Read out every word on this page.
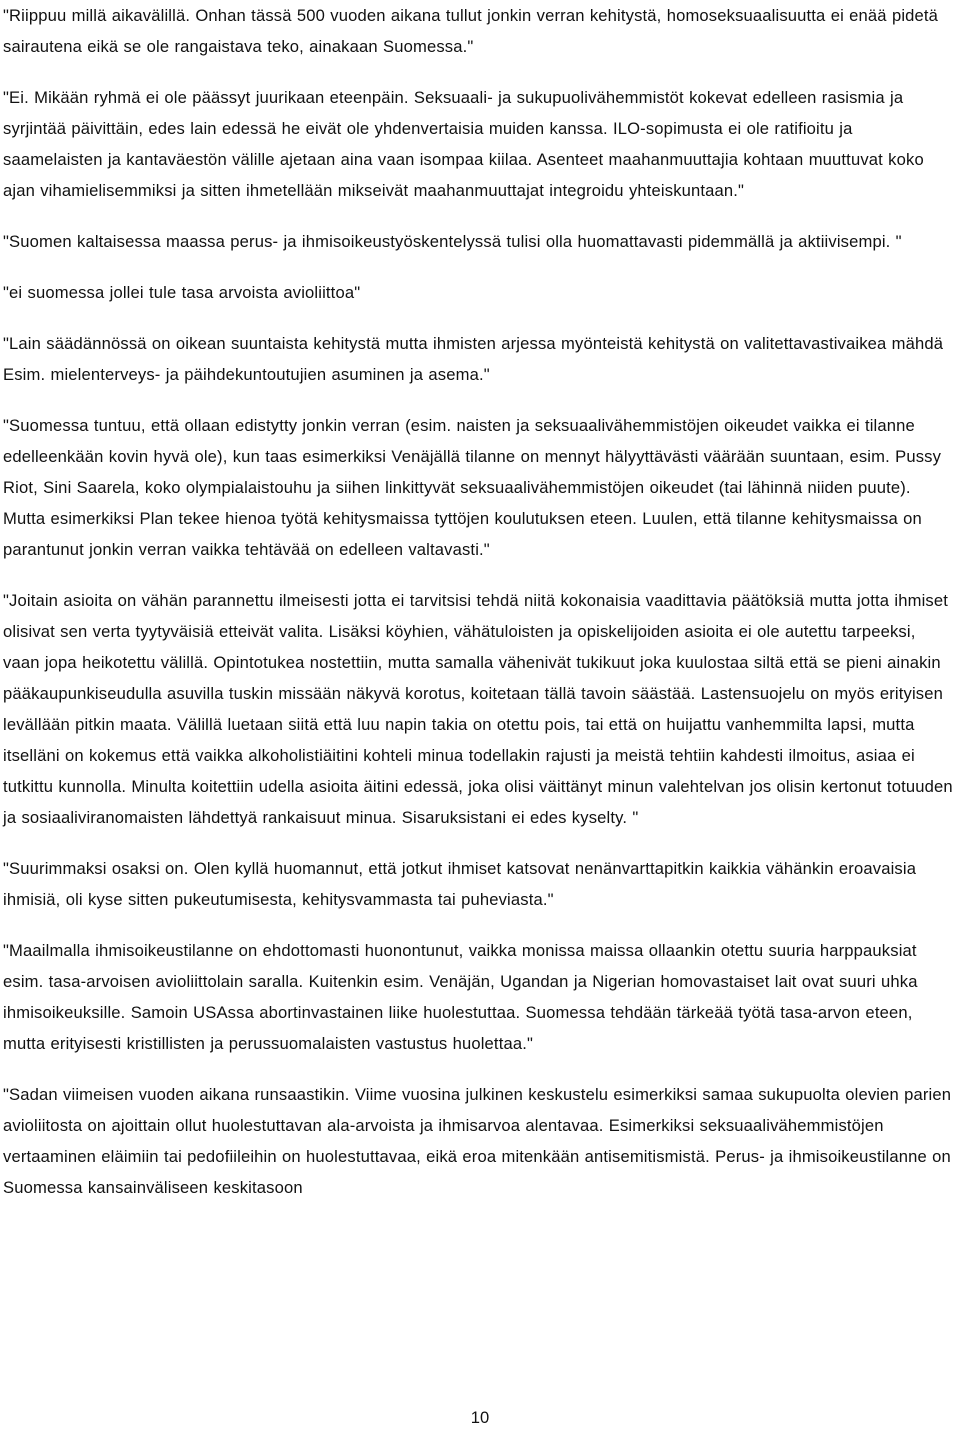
"Riippuu millä aikavälillä. Onhan tässä 500 vuoden aikana tullut jonkin verran kehitystä, homoseksuaalisuutta ei enää pidetä sairautena eikä se ole rangaistava teko, ainakaan Suomessa."

"Ei. Mikään ryhmä ei ole päässyt juurikaan eteenpäin. Seksuaali- ja sukupuolivähemmistöt kokevat edelleen rasismia ja syrjintää päivittäin, edes lain edessä he eivät ole yhdenvertaisia muiden kanssa. ILO-sopimusta ei ole ratifioitu ja saamelaisten ja kantaväestön välille ajetaan aina vaan isompaa kiilaa. Asenteet maahanmuuttajia kohtaan muuttuvat koko ajan vihamielisemmiksi ja sitten ihmetellään mikseivät maahanmuuttajat integroidu yhteiskuntaan."

"Suomen kaltaisessa maassa perus- ja ihmisoikeustyöskentelyssä tulisi olla huomattavasti pidemmällä ja aktiivisempi. "

"ei suomessa jollei tule tasa arvoista avioliittoa"

"Lain säädännössä on oikean suuntaista kehitystä mutta ihmisten arjessa myönteistä kehitystä on valitettavastivaikea mähdä Esim. mielenterveys- ja päihdekuntoutujien asuminen ja asema."

"Suomessa tuntuu, että ollaan edistytty jonkin verran (esim. naisten ja seksuaalivähemmistöjen oikeudet vaikka ei tilanne edelleenkään kovin hyvä ole), kun taas esimerkiksi Venäjällä tilanne on mennyt hälyyttävästi väärään suuntaan, esim. Pussy Riot, Sini Saarela, koko olympialaistouhu ja siihen linkittyvät seksuaalivähemmistöjen oikeudet (tai lähinnä niiden puute). Mutta esimerkiksi Plan tekee hienoa työtä kehitysmaissa tyttöjen koulutuksen eteen. Luulen, että tilanne kehitysmaissa on parantunut jonkin verran vaikka tehtävää on edelleen valtavasti."

"Joitain asioita on vähän parannettu ilmeisesti jotta ei tarvitsisi tehdä niitä kokonaisia vaadittavia päätöksiä mutta jotta ihmiset olisivat sen verta tyytyväisiä etteivät valita. Lisäksi köyhien, vähätuloisten ja opiskelijoiden asioita ei ole autettu tarpeeksi, vaan jopa heikotettu välillä. Opintotukea nostettiin, mutta samalla vähenivät tukikuut joka kuulostaa siltä että se pieni ainakin pääkaupunkiseudulla asuvilla tuskin missään näkyvä korotus, koitetaan tällä tavoin säästää. Lastensuojelu on myös erityisen levällään pitkin maata. Välillä luetaan siitä että luu napin takia on otettu pois, tai että on huijattu vanhemmilta lapsi, mutta itselläni on kokemus että vaikka alkoholistiäitini kohteli minua todellakin rajusti ja meistä tehtiin kahdesti ilmoitus, asiaa ei tutkittu kunnolla. Minulta koitettiin udella asioita äitini edessä, joka olisi väittänyt minun valehtelvan jos olisin kertonut totuuden ja sosiaaliviranomaisten lähdettyä rankaisuut minua. Sisaruksistani ei edes kyselty. "

"Suurimmaksi osaksi on. Olen kyllä huomannut, että jotkut ihmiset katsovat nenänvarttapitkin kaikkia vähänkin eroavaisia ihmisiä, oli kyse sitten pukeutumisesta, kehitysvammasta tai puheviasta."

"Maailmalla ihmisoikeustilanne on ehdottomasti huonontunut, vaikka monissa maissa ollaankin otettu suuria harppauksiat esim. tasa-arvoisen avioliittolain saralla. Kuitenkin esim. Venäjän, Ugandan ja Nigerian homovastaiset lait ovat suuri uhka ihmisoikeuksille. Samoin USAssa abortinvastainen liike huolestuttaa. Suomessa tehdään tärkeää työtä tasa-arvon eteen, mutta erityisesti kristillisten ja perussuomalaisten vastustus huolettaa."

"Sadan viimeisen vuoden aikana runsaastikin. Viime vuosina julkinen keskustelu esimerkiksi samaa sukupuolta olevien parien avioliitosta on ajoittain ollut huolestuttavan ala-arvoista ja ihmisarvoa alentavaa. Esimerkiksi seksuaalivähemmistöjen vertaaminen eläimiin tai pedofiileihin on huolestuttavaa, eikä eroa mitenkään antisemitismistä. Perus- ja ihmisoikeustilanne on Suomessa kansainväliseen keskitasoon

10
